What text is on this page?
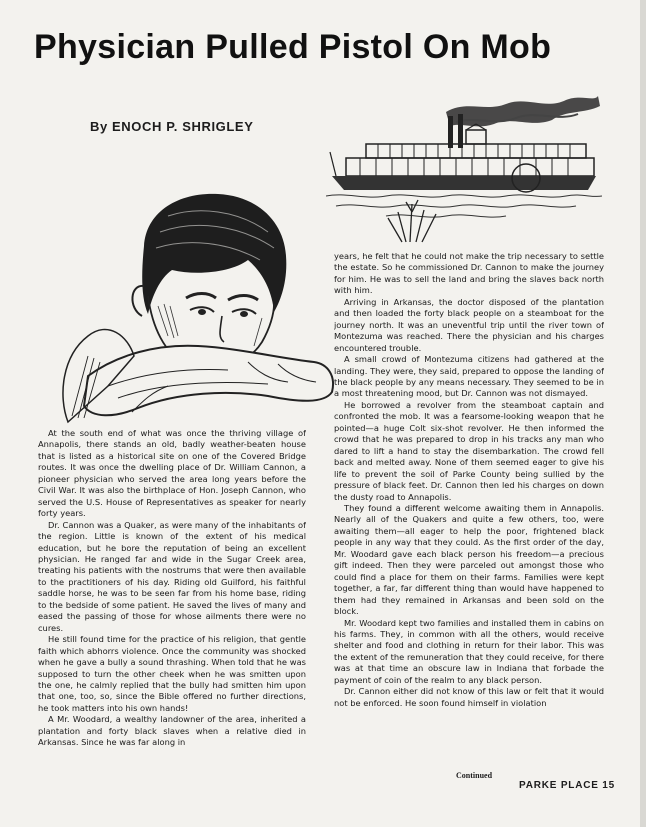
Physician Pulled Pistol On Mob
By ENOCH P. SHRIGLEY

At the south end of what was once the thriving village of Annapolis, there stands an old, badly weather-beaten house that is listed as a historical site on one of the Covered Bridge routes. It was once the dwelling place of Dr. William Cannon, a pioneer physician who served the area long years before the Civil War. It was also the birthplace of Hon. Joseph Cannon, who served the U.S. House of Representatives as speaker for nearly forty years.

Dr. Cannon was a Quaker, as were many of the inhabitants of the region. Little is known of the extent of his medical education, but he bore the reputation of being an excellent physician. He ranged far and wide in the Sugar Creek area, treating his patients with the nostrums that were then available to the practitioners of his day. Riding old Guilford, his faithful saddle horse, he was to be seen far from his home base, riding to the bedside of some patient. He saved the lives of many and eased the passing of those for whose ailments there were no cures.

He still found time for the practice of his religion, that gentle faith which abhorrs violence. Once the community was shocked when he gave a bully a sound thrashing. When told that he was supposed to turn the other cheek when he was smitten upon the one, he calmly replied that the bully had smitten him upon that one, too, so, since the Bible offered no further directions, he took matters into his own hands!

A Mr. Woodard, a wealthy landowner of the area, inherited a plantation and forty black slaves when a relative died in Arkansas. Since he was far along in

years, he felt that he could not make the trip necessary to settle the estate. So he commissioned Dr. Cannon to make the journey for him. He was to sell the land and bring the slaves back north with him.

Arriving in Arkansas, the doctor disposed of the plantation and then loaded the forty black people on a steamboat for the journey north. It was an uneventful trip until the river town of Montezuma was reached. There the physician and his charges encountered trouble.

A small crowd of Montezuma citizens had gathered at the landing. They were, they said, prepared to oppose the landing of the black people by any means necessary. They seemed to be in a most threatening mood, but Dr. Cannon was not dismayed.

He borrowed a revolver from the steamboat captain and confronted the mob. It was a fearsome-looking weapon that he pointed—a huge Colt six-shot revolver. He then informed the crowd that he was prepared to drop in his tracks any man who dared to lift a hand to stay the disembarkation. The crowd fell back and melted away. None of them seemed eager to give his life to prevent the soil of Parke County being sullied by the pressure of black feet. Dr. Cannon then led his charges on down the dusty road to Annapolis.

They found a different welcome awaiting them in Annapolis. Nearly all of the Quakers and quite a few others, too, were awaiting them—all eager to help the poor, frightened black people in any way that they could. As the first order of the day, Mr. Woodard gave each black person his freedom—a precious gift indeed. Then they were parceled out amongst those who could find a place for them on their farms. Families were kept together, a far, far different thing than would have happened to them had they remained in Arkansas and been sold on the block.

Mr. Woodard kept two families and installed them in cabins on his farms. They, in common with all the others, would receive shelter and food and clothing in return for their labor. This was the extent of the remuneration that they could receive, for there was at that time an obscure law in Indiana that forbade the payment of coin of the realm to any black person.

Dr. Cannon either did not know of this law or felt that it would not be enforced. He soon found himself in violation

Continued
PARKE PLACE 15
